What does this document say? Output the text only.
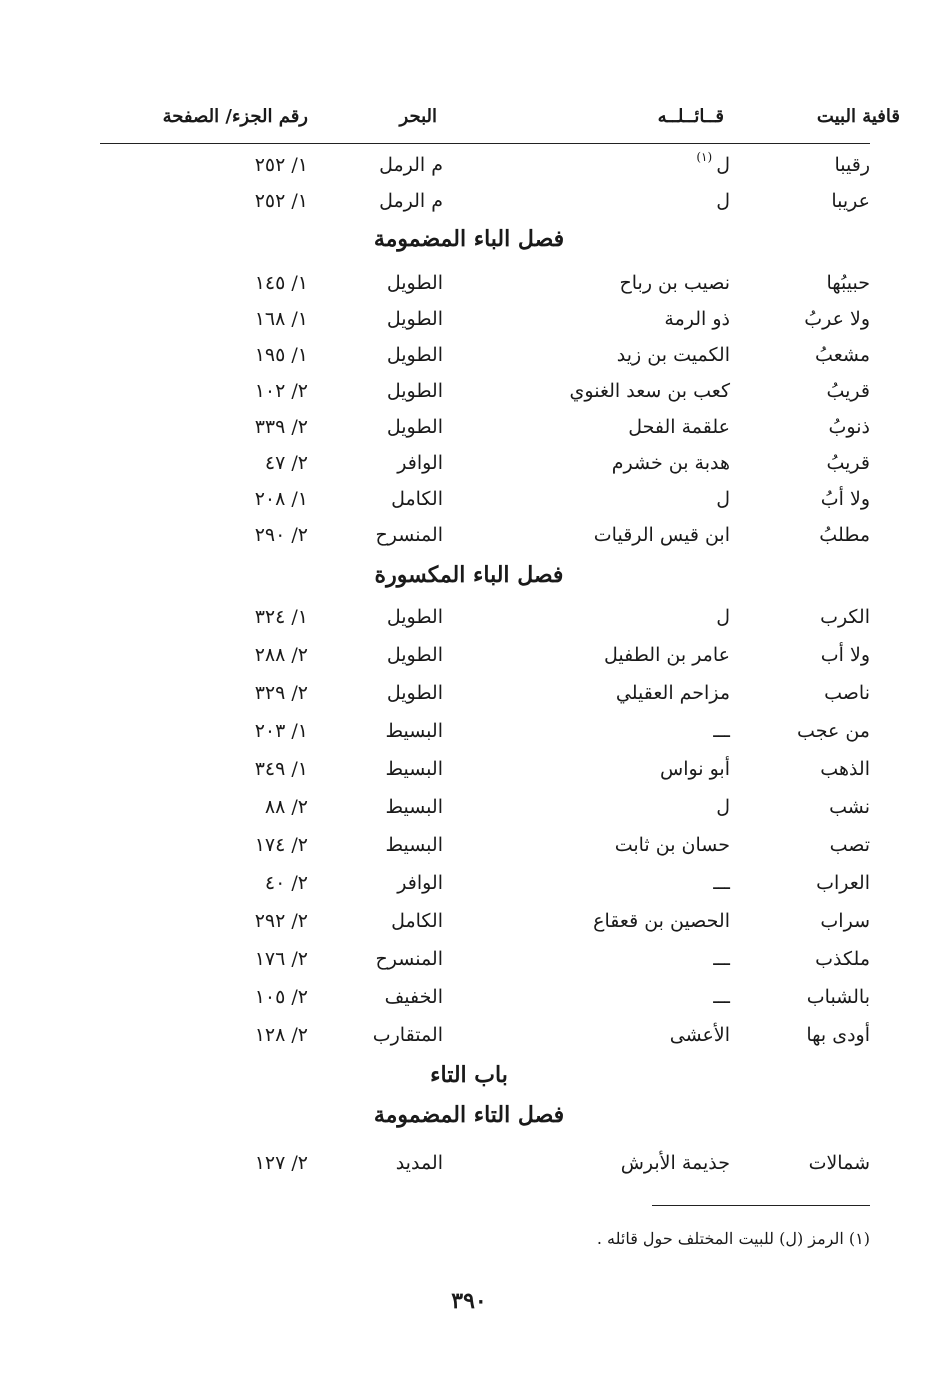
قافية البيت
قــائــلــه
البحر
رقم الجزء/ الصفحة
رقيبا
ل$^{(١)}$
م الرمل
١/ ٢٥٢
عريبا
ل
م الرمل
١/ ٢٥٢
فصل الباء المضمومة
حبيبُها
نصيب بن رباح
الطويل
١/ ١٤٥
ولا عربُ
ذو الرمة
الطويل
١/ ١٦٨
مشعبُ
الكميت بن زيد
الطويل
١/ ١٩٥
قريبُ
كعب بن سعد الغنوي
الطويل
٢/ ١٠٢
ذنوبُ
علقمة الفحل
الطويل
٢/ ٣٣٩
قريبُ
هدبة بن خشرم
الوافر
٢/ ٤٧
ولا أبُ
ل
الكامل
١/ ٢٠٨
مطلبُ
ابن قيس الرقيات
المنسرح
٢/ ٢٩٠
فصل الباء المكسورة
الكرب
ل
الطويل
١/ ٣٢٤
ولا أب
عامر بن الطفيل
الطويل
٢/ ٢٨٨
ناصب
مزاحم العقيلي
الطويل
٢/ ٣٢٩
من عجب
ـــ
البسيط
١/ ٢٠٣
الذهب
أبو نواس
البسيط
١/ ٣٤٩
نشب
ل
البسيط
٢/ ٨٨
تصب
حسان بن ثابت
البسيط
٢/ ١٧٤
العراب
ـــ
الوافر
٢/ ٤٠
سراب
الحصين بن قعقاع
الكامل
٢/ ٢٩٢
ملكذب
ـــ
المنسرح
٢/ ١٧٦
بالشباب
ـــ
الخفيف
٢/ ١٠٥
أودى بها
الأعشى
المتقارب
٢/ ١٢٨
باب التاء
فصل التاء المضمومة
شمالات
جذيمة الأبرش
المديد
٢/ ١٢٧
(١) الرمز (ل) للبيت المختلف حول قائله .
٣٩٠
